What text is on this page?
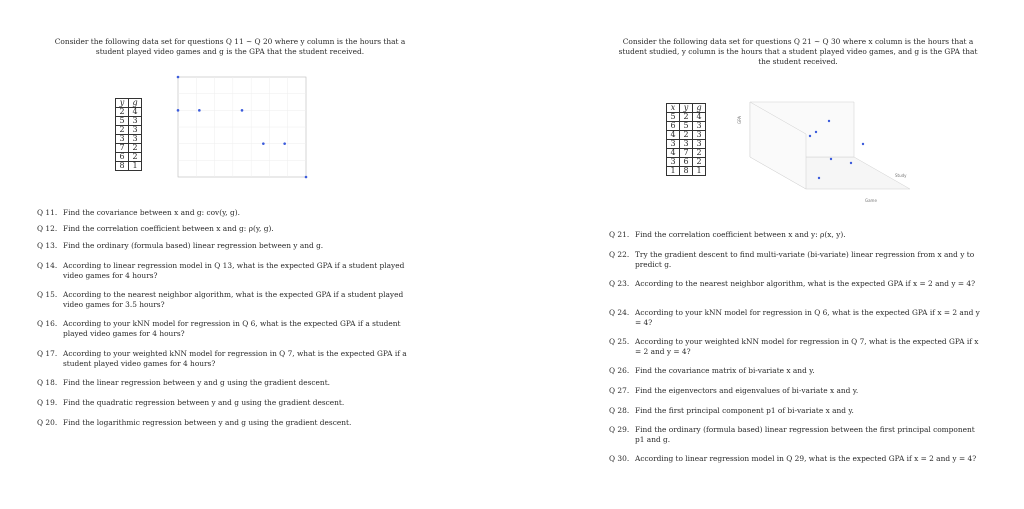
Consider the following data set for questions Q 11 ~ Q 20 where y column is the hours that a student played video games and g is the GPA that the student received.
y	g
2	4
5	3
2	3
3	3
7	2
6	2
8	1
Q 11. Find the covariance between x and g: cov(y, g).
Q 12. Find the correlation coefficient between x and g: ρ(y, g).
Q 13. Find the ordinary (formula based) linear regression between y and g.
Q 14. According to linear regression model in Q 13, what is the expected GPA if a student played video games for 4 hours?
Q 15. According to the nearest neighbor algorithm, what is the expected GPA if a student played video games for 3.5 hours?
Q 16. According to your kNN model for regression in Q 6, what is the expected GPA if a student played video games for 4 hours?
Q 17. According to your weighted kNN model for regression in Q 7, what is the expected GPA if a student played video games for 4 hours?
Q 18. Find the linear regression between y and g using the gradient descent.
Q 19. Find the quadratic regression between y and g using the gradient descent.
Q 20. Find the logarithmic regression between y and g using the gradient descent.
Consider the following data set for questions Q 21 ~ Q 30 where x column is the hours that a student studied, y column is the hours that a student played video games, and g is the GPA that the student received.
x	y	g
5	2	4
6	5	3
4	2	3
3	3	3
4	7	2
3	6	2
1	8	1
Game
Study
GPA
Q 21. Find the correlation coefficient between x and y: ρ(x, y).
Q 22. Try the gradient descent to find multi-variate (bi-variate) linear regression from x and y to predict g.
Q 23. According to the nearest neighbor algorithm, what is the expected GPA if x = 2 and y = 4?
Q 24. According to your kNN model for regression in Q 6, what is the expected GPA if x = 2 and y = 4?
Q 25. According to your weighted kNN model for regression in Q 7, what is the expected GPA if x = 2 and y = 4?
Q 26. Find the covariance matrix of bi-variate x and y.
Q 27. Find the eigenvectors and eigenvalues of bi-variate x and y.
Q 28. Find the first principal component p1 of bi-variate x and y.
Q 29. Find the ordinary (formula based) linear regression between the first principal component p1 and g.
Q 30. According to linear regression model in Q 29, what is the expected GPA if x = 2 and y = 4?
